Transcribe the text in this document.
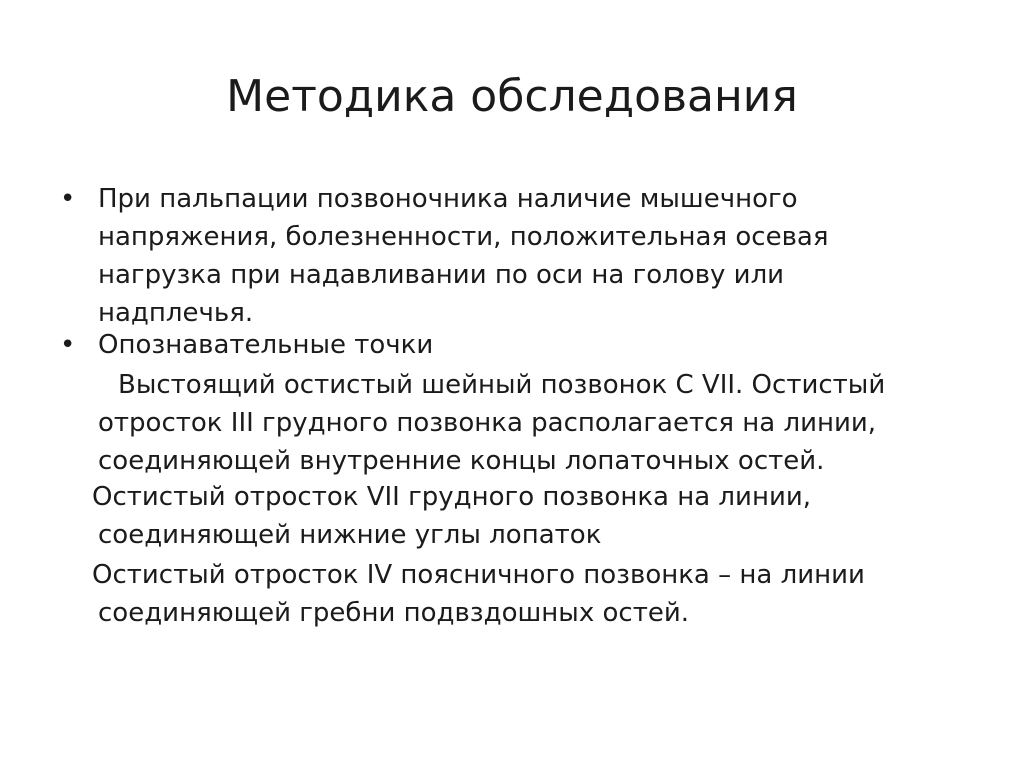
Методика обследования
• При пальпации позвоночника наличие мышечного
напряжения, болезненности, положительная осевая
нагрузка при надавливании по оси на голову или
надплечья.

• Опознавательные точки

Выстоящий остистый шейный позвонок С VII. Остистый
отросток III грудного позвонка располагается на линии,
соединяющей внутренние концы лопаточных остей.

Остистый отросток VII грудного позвонка на линии,
соединяющей нижние углы лопаток

Остистый отросток IV поясничного позвонка – на линии
соединяющей гребни подвздошных остей.
